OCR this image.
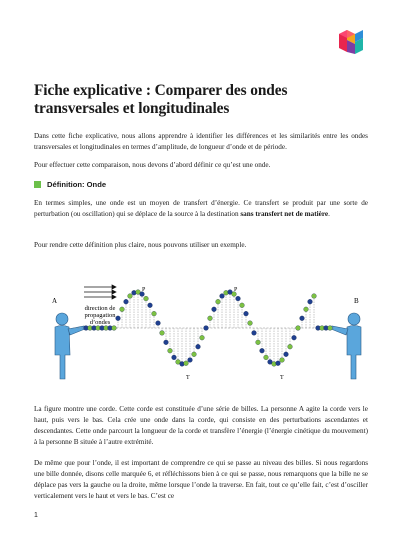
Fiche explicative : Comparer des ondes transversales et longitudinales

Dans cette fiche explicative, nous allons apprendre à identifier les différences et les similarités entre les ondes transversales et longitudinales en termes d’amplitude, de longueur d’onde et de période.

Pour effectuer cette comparaison, nous devons d’abord définir ce qu’est une onde.

Définition: Onde

En termes simples, une onde est un moyen de transfert d’énergie. Ce transfert se produit par une sorte de perturbation (ou oscillation) qui se déplace de la source à la destination sans transfert net de matière.

Pour rendre cette définition plus claire, nous pouvons utiliser un exemple.

A	B
direction de
propagation
d’ondes
P	P
T	T

La figure montre une corde. Cette corde est constituée d’une série de billes. La personne A agite la corde vers le haut, puis vers le bas. Cela crée une onde dans la corde, qui consiste en des perturbations ascendantes et descendantes. Cette onde parcourt la longueur de la corde et transfère l’énergie (l’énergie cinétique du mouvement) à la personne B située à l’autre extrémité.

De même que pour l’onde, il est important de comprendre ce qui se passe au niveau des billes. Si nous regardons une bille donnée, disons celle marquée 6, et réfléchissons bien à ce qui se passe, nous remarquons que la bille ne se déplace pas vers la gauche ou la droite, même lorsque l’onde la traverse. En fait, tout ce qu’elle fait, c’est d’osciller verticalement vers le haut et vers le bas. C’est ce

1
